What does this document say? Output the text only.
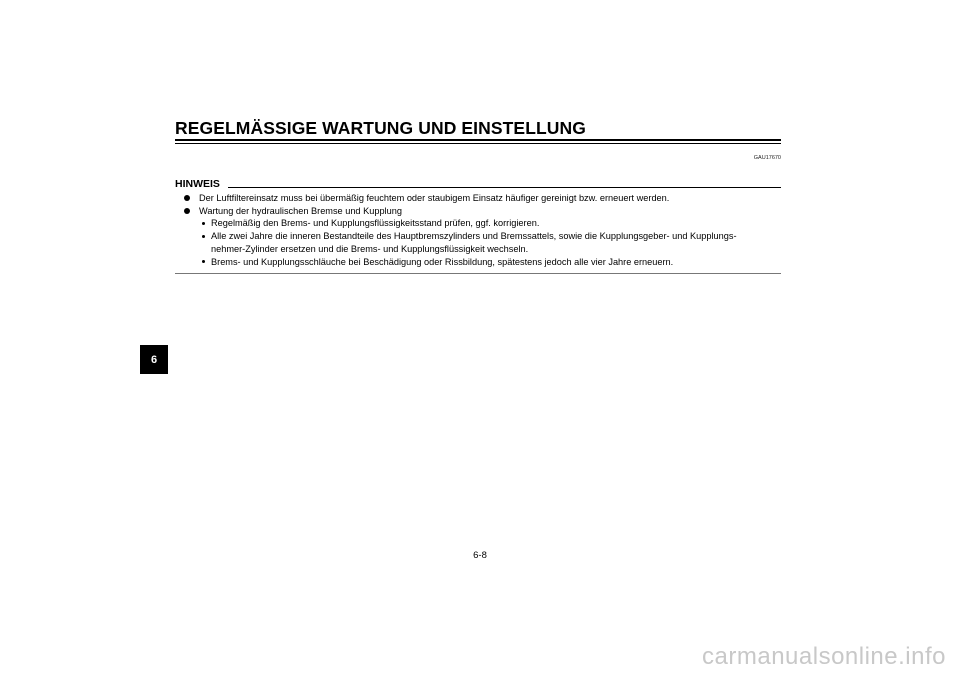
REGELMÄSSIGE WARTUNG UND EINSTELLUNG
GAU17670
HINWEIS
Der Luftfiltereinsatz muss bei übermäßig feuchtem oder staubigem Einsatz häufiger gereinigt bzw. erneuert werden.
Wartung der hydraulischen Bremse und Kupplung
Regelmäßig den Brems- und Kupplungsflüssigkeitsstand prüfen, ggf. korrigieren.
Alle zwei Jahre die inneren Bestandteile des Hauptbremszylinders und Bremssattels, sowie die Kupplungsgeber- und Kupplungs-
nehmer-Zylinder ersetzen und die Brems- und Kupplungsflüssigkeit wechseln.
Brems- und Kupplungsschläuche bei Beschädigung oder Rissbildung, spätestens jedoch alle vier Jahre erneuern.
6
6-8
carmanualsonline.info
